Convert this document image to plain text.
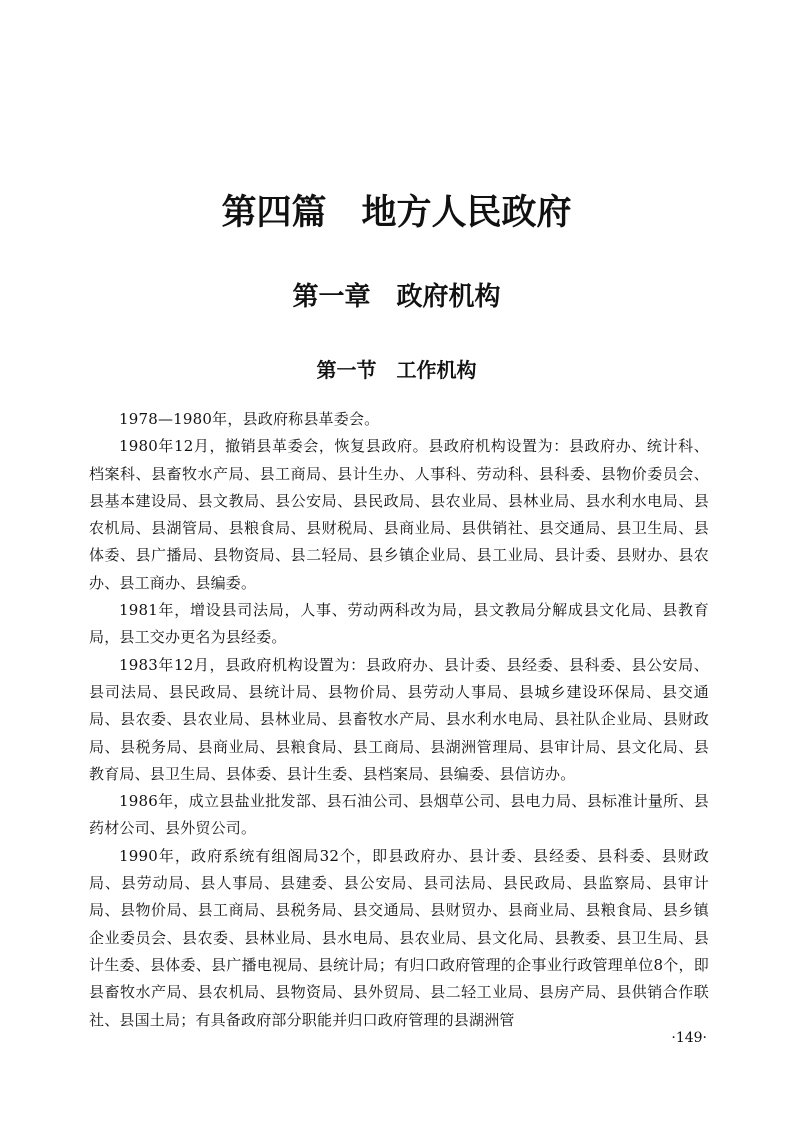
第四篇　地方人民政府
第一章　政府机构
第一节　工作机构

1978—1980年，县政府称县革委会。

1980年12月，撤销县革委会，恢复县政府。县政府机构设置为：县政府办、统计科、档案科、县畜牧水产局、县工商局、县计生办、人事科、劳动科、县科委、县物价委员会、县基本建设局、县文教局、县公安局、县民政局、县农业局、县林业局、县水利水电局、县农机局、县湖管局、县粮食局、县财税局、县商业局、县供销社、县交通局、县卫生局、县体委、县广播局、县物资局、县二轻局、县乡镇企业局、县工业局、县计委、县财办、县农办、县工商办、县编委。

1981年，增设县司法局，人事、劳动两科改为局，县文教局分解成县文化局、县教育局，县工交办更名为县经委。

1983年12月，县政府机构设置为：县政府办、县计委、县经委、县科委、县公安局、县司法局、县民政局、县统计局、县物价局、县劳动人事局、县城乡建设环保局、县交通局、县农委、县农业局、县林业局、县畜牧水产局、县水利水电局、县社队企业局、县财政局、县税务局、县商业局、县粮食局、县工商局、县湖洲管理局、县审计局、县文化局、县教育局、县卫生局、县体委、县计生委、县档案局、县编委、县信访办。

1986年，成立县盐业批发部、县石油公司、县烟草公司、县电力局、县标准计量所、县药材公司、县外贸公司。

1990年，政府系统有组阁局32个，即县政府办、县计委、县经委、县科委、县财政局、县劳动局、县人事局、县建委、县公安局、县司法局、县民政局、县监察局、县审计局、县物价局、县工商局、县税务局、县交通局、县财贸办、县商业局、县粮食局、县乡镇企业委员会、县农委、县林业局、县水电局、县农业局、县文化局、县教委、县卫生局、县计生委、县体委、县广播电视局、县统计局；有归口政府管理的企事业行政管理单位8个，即县畜牧水产局、县农机局、县物资局、县外贸局、县二轻工业局、县房产局、县供销合作联社、县国土局；有具备政府部分职能并归口政府管理的县湖洲管

·149·
